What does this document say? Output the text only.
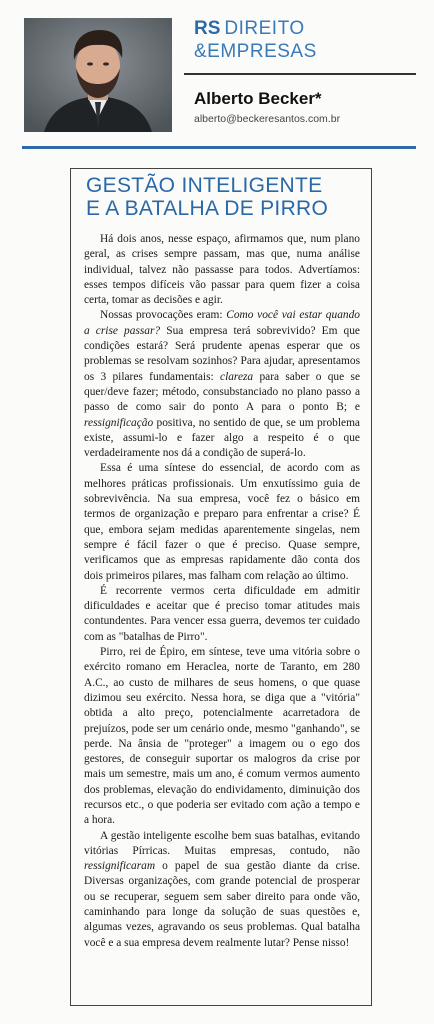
RS DIREITO
&EMPRESAS
Alberto Becker*
alberto@beckeresantos.com.br
GESTÃO INTELIGENTE
E A BATALHA DE PIRRO

Há dois anos, nesse espaço, afirmamos que, num plano geral, as crises sempre passam, mas que, numa análise individual, talvez não passasse para todos. Advertíamos: esses tempos difíceis vão passar para quem fizer a coisa certa, tomar as decisões e agir.

Nossas provocações eram: Como você vai estar quando a crise passar? Sua empresa terá sobrevivido? Em que condições estará? Será prudente apenas esperar que os problemas se resolvam sozinhos? Para ajudar, apresentamos os 3 pilares fundamentais: clareza para saber o que se quer/deve fazer; método, consubstanciado no plano passo a passo de como sair do ponto A para o ponto B; e ressignificação positiva, no sentido de que, se um problema existe, assumi-lo e fazer algo a respeito é o que verdadeiramente nos dá a condição de superá-lo.

Essa é uma síntese do essencial, de acordo com as melhores práticas profissionais. Um enxutíssimo guia de sobrevivência. Na sua empresa, você fez o básico em termos de organização e preparo para enfrentar a crise? É que, embora sejam medidas aparentemente singelas, nem sempre é fácil fazer o que é preciso. Quase sempre, verificamos que as empresas rapidamente dão conta dos dois primeiros pilares, mas falham com relação ao último.

É recorrente vermos certa dificuldade em admitir dificuldades e aceitar que é preciso tomar atitudes mais contundentes. Para vencer essa guerra, devemos ter cuidado com as "batalhas de Pirro".

Pirro, rei de Épiro, em síntese, teve uma vitória sobre o exército romano em Heraclea, norte de Taranto, em 280 A.C., ao custo de milhares de seus homens, o que quase dizimou seu exército. Nessa hora, se diga que a "vitória" obtida a alto preço, potencialmente acarretadora de prejuízos, pode ser um cenário onde, mesmo "ganhando", se perde. Na ânsia de "proteger" a imagem ou o ego dos gestores, de conseguir suportar os malogros da crise por mais um semestre, mais um ano, é comum vermos aumento dos problemas, elevação do endividamento, diminuição dos recursos etc., o que poderia ser evitado com ação a tempo e a hora.

A gestão inteligente escolhe bem suas batalhas, evitando vitórias Pírricas. Muitas empresas, contudo, não ressignificaram o papel de sua gestão diante da crise. Diversas organizações, com grande potencial de prosperar ou se recuperar, seguem sem saber direito para onde vão, caminhando para longe da solução de suas questões e, algumas vezes, agravando os seus problemas. Qual batalha você e a sua empresa devem realmente lutar? Pense nisso!
